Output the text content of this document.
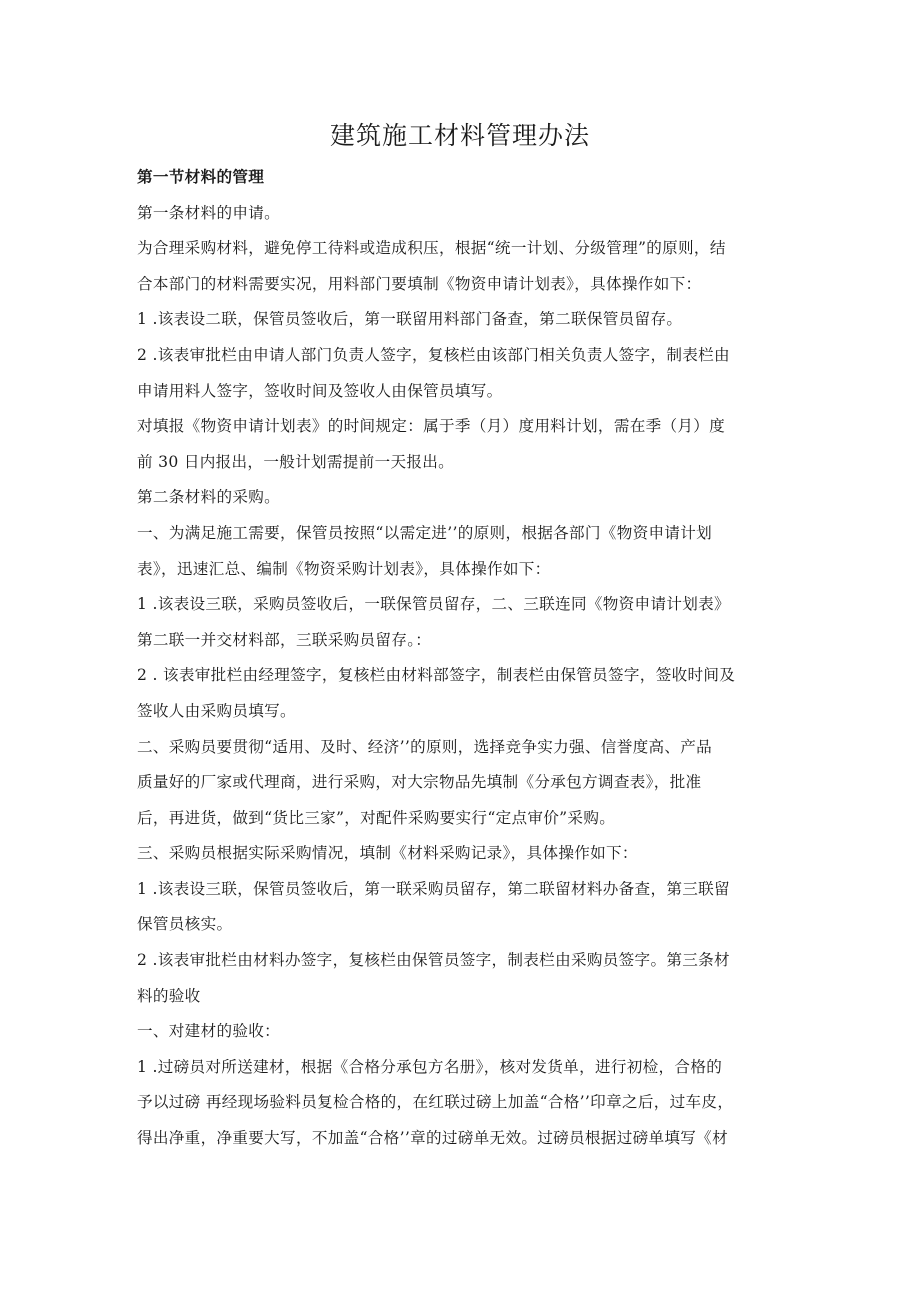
建筑施工材料管理办法
第一节材料的管理
第一条材料的申请。
为合理采购材料，避免停工待料或造成积压，根据“统一计划、分级管理”的原则，结
合本部门的材料需要实况，用料部门要填制《物资申请计划表》，具体操作如下：
1 .该表设二联，保管员签收后，第一联留用料部门备查，第二联保管员留存。
2 .该表审批栏由申请人部门负责人签字，复核栏由该部门相关负责人签字，制表栏由
申请用料人签字，签收时间及签收人由保管员填写。
对填报《物资申请计划表》的时间规定：属于季（月）度用料计划，需在季（月）度
前 30 日内报出，一般计划需提前一天报出。
第二条材料的采购。
一、为满足施工需要，保管员按照“以需定进’’的原则，根据各部门《物资申请计划
表》，迅速汇总、编制《物资采购计划表》，具体操作如下：
1 .该表设三联，采购员签收后，一联保管员留存，二、三联连同《物资申请计划表》
第二联一并交材料部，三联采购员留存。：
2 . 该表审批栏由经理签字，复核栏由材料部签字，制表栏由保管员签字，签收时间及
签收人由采购员填写。
二、采购员要贯彻“适用、及时、经济’’的原则，选择竞争实力强、信誉度高、产品
质量好的厂家或代理商，进行采购，对大宗物品先填制《分承包方调查表》，批准
后，再进货，做到“货比三家”，对配件采购要实行“定点审价”采购。
三、采购员根据实际采购情况，填制《材料采购记录》，具体操作如下：
1 .该表设三联，保管员签收后，第一联采购员留存，第二联留材料办备查，第三联留
保管员核实。
2 .该表审批栏由材料办签字，复核栏由保管员签字，制表栏由采购员签字。第三条材
料的验收
一、对建材的验收：
1 .过磅员对所送建材，根据《合格分承包方名册》，核对发货单，进行初检，合格的
予以过磅 再经现场验料员复检合格的，在红联过磅上加盖“合格’’印章之后，过车皮，
得出净重，净重要大写，不加盖“合格’’章的过磅单无效。过磅员根据过磅单填写《材
